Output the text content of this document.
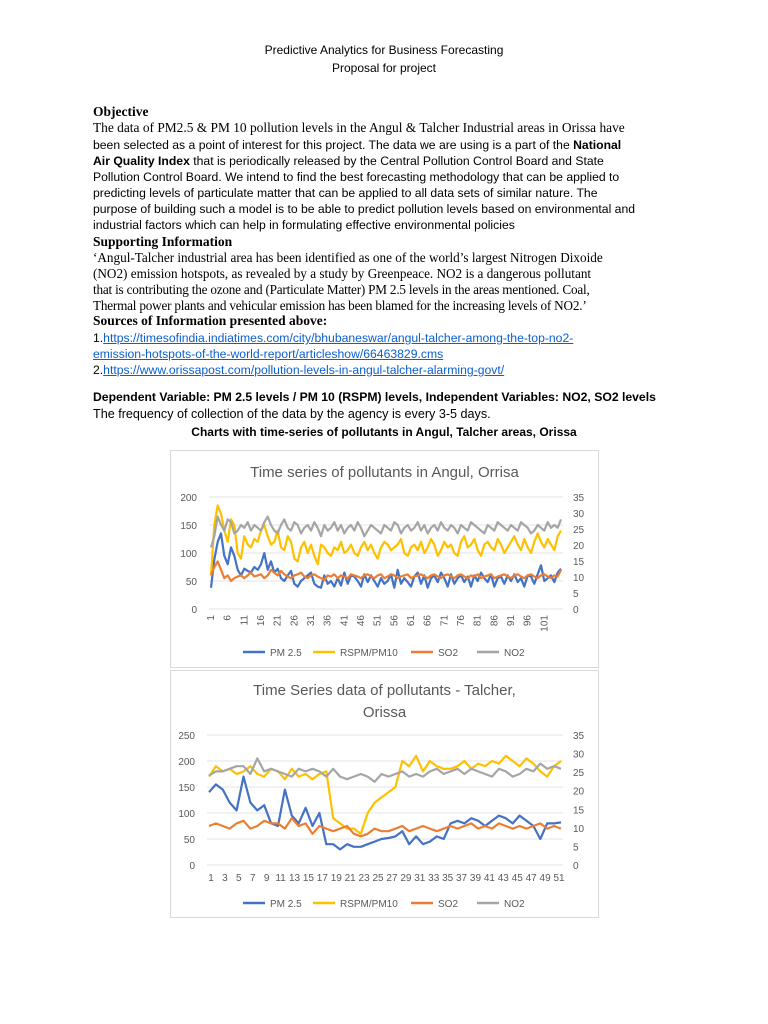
Predictive Analytics for Business Forecasting
Proposal for project
Objective
The data of PM2.5 & PM 10 pollution levels in the Angul & Talcher Industrial areas in Orissa have
been selected as a point of interest for this project. The data we are using is a part of the National
Air Quality Index that is periodically released by the Central Pollution Control Board and State
Pollution Control Board. We intend to find the best forecasting methodology that can be applied to
predicting levels of particulate matter that can be applied to all data sets of similar nature. The
purpose of building such a model is to be able to predict pollution levels based on environmental and
industrial factors which can help in formulating effective environmental policies
Supporting Information
‘Angul-Talcher industrial area has been identified as one of the world’s largest Nitrogen Dixoide
(NO2) emission hotspots, as revealed by a study by Greenpeace. NO2 is a dangerous pollutant
that is contributing the ozone and (Particulate Matter) PM 2.5 levels in the areas mentioned. Coal,
Thermal power plants and vehicular emission has been blamed for the increasing levels of NO2.’
Sources of Information presented above:
1.https://timesofindia.indiatimes.com/city/bhubaneswar/angul-talcher-among-the-top-no2-
emission-hotspots-of-the-world-report/articleshow/66463829.cms
2.https://www.orissapost.com/pollution-levels-in-angul-talcher-alarming-govt/
Dependent Variable: PM 2.5 levels / PM 10 (RSPM) levels, Independent Variables: NO2, SO2 levels
The frequency of collection of the data by the agency is every 3-5 days.
Charts with time-series of pollutants in Angul, Talcher areas, Orissa
Time series of pollutants in Angul, Orrisa
200
150
100
50
0
35
30
25
20
15
10
5
0
1 6 11 16 21 26 31 36 41 46 51 56 61 66 71 76 81 86 91 96 101
PM 2.5	RSPM/PM10	SO2	NO2
Time Series data of pollutants - Talcher,
Orissa
250
200
150
100
50
0
35
30
25
20
15
10
5
0
1 3 5 7 9 11 13 15 17 19 21 23 25 27 29 31 33 35 37 39 41 43 45 47 49 51
PM 2.5	RSPM/PM10	SO2	NO2
